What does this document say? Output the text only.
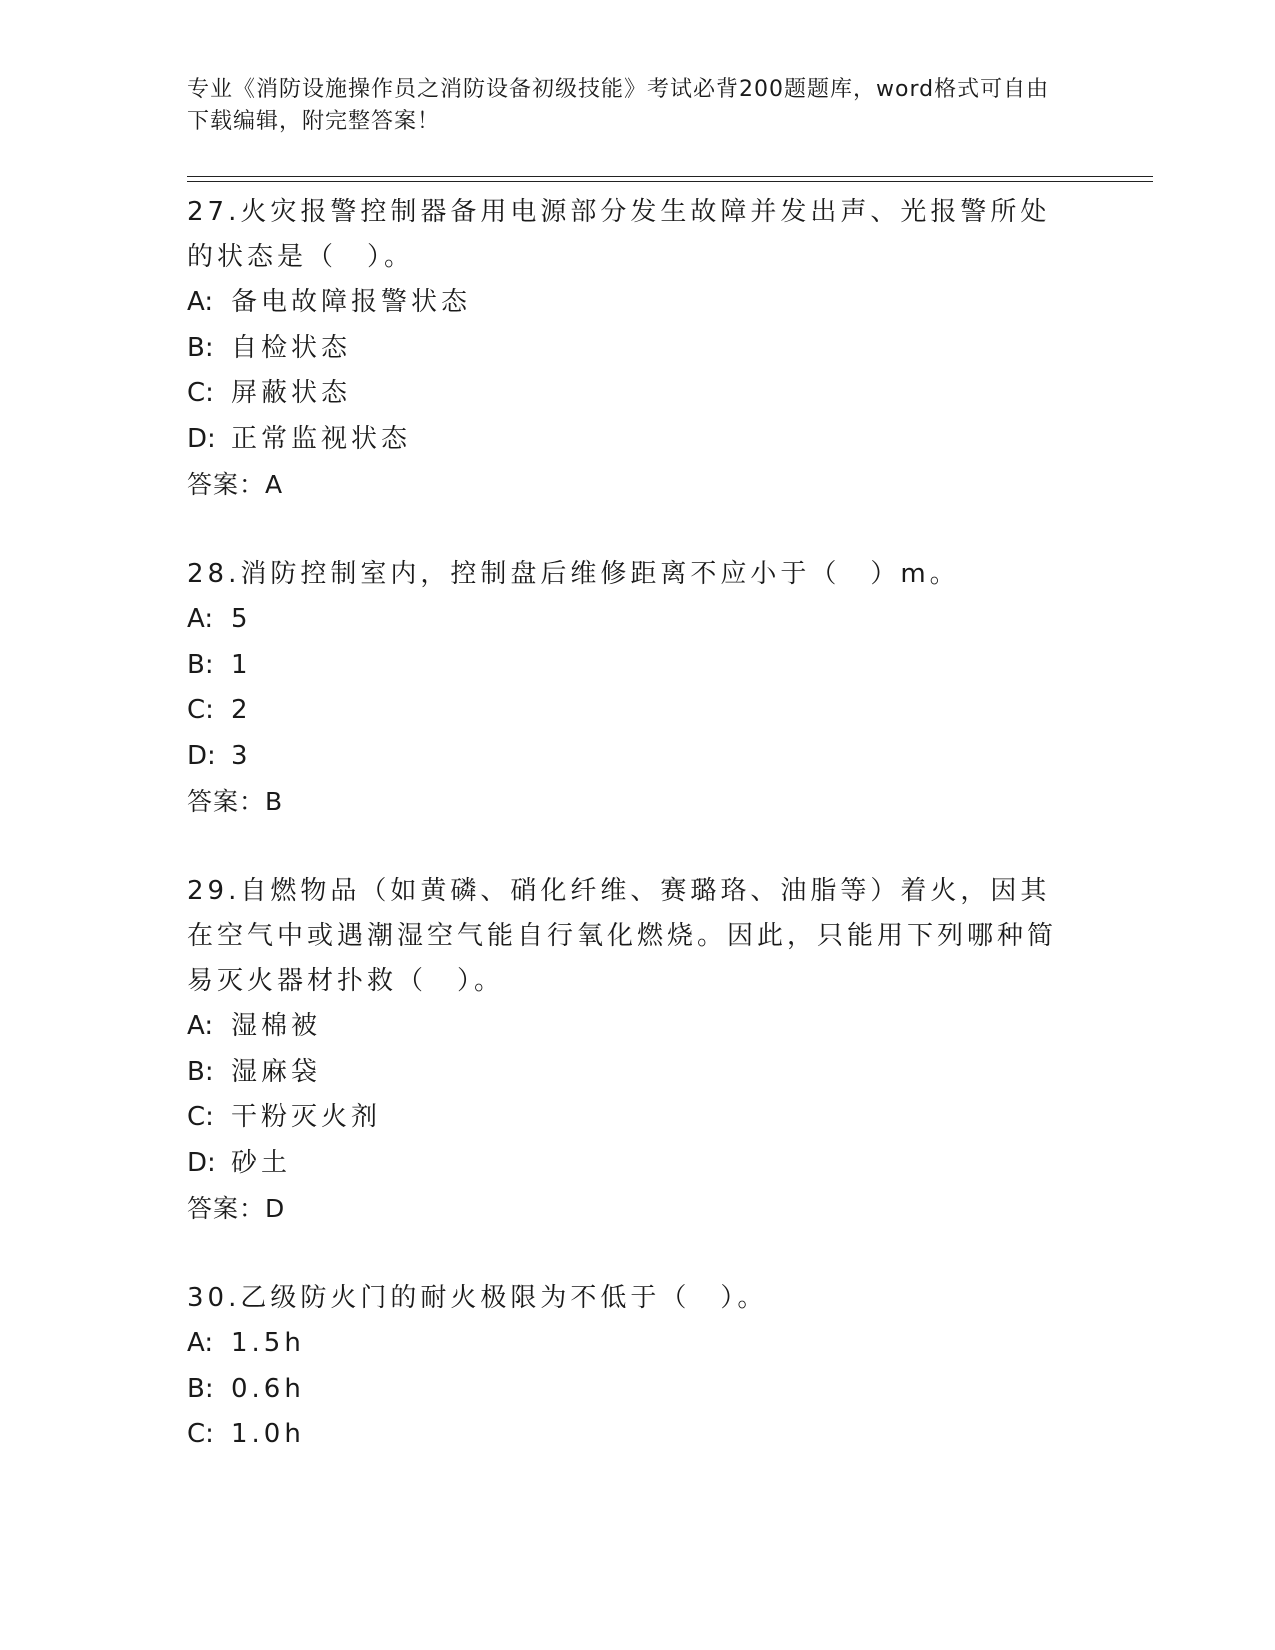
专业《消防设施操作员之消防设备初级技能》考试必背200题题库，word格式可自由下载编辑，附完整答案！

27.火灾报警控制器备用电源部分发生故障并发出声、光报警所处的状态是（　）。

A: 备电故障报警状态
B: 自检状态
C: 屏蔽状态
D: 正常监视状态
答案：A

28.消防控制室内，控制盘后维修距离不应小于（　）m。

A: 5
B: 1
C: 2
D: 3
答案：B

29.自燃物品（如黄磷、硝化纤维、赛璐珞、油脂等）着火，因其在空气中或遇潮湿空气能自行氧化燃烧。因此，只能用下列哪种简易灭火器材扑救（　）。

A: 湿棉被
B: 湿麻袋
C: 干粉灭火剂
D: 砂土
答案：D

30.乙级防火门的耐火极限为不低于（　）。

A: 1.5h
B: 0.6h
C: 1.0h
